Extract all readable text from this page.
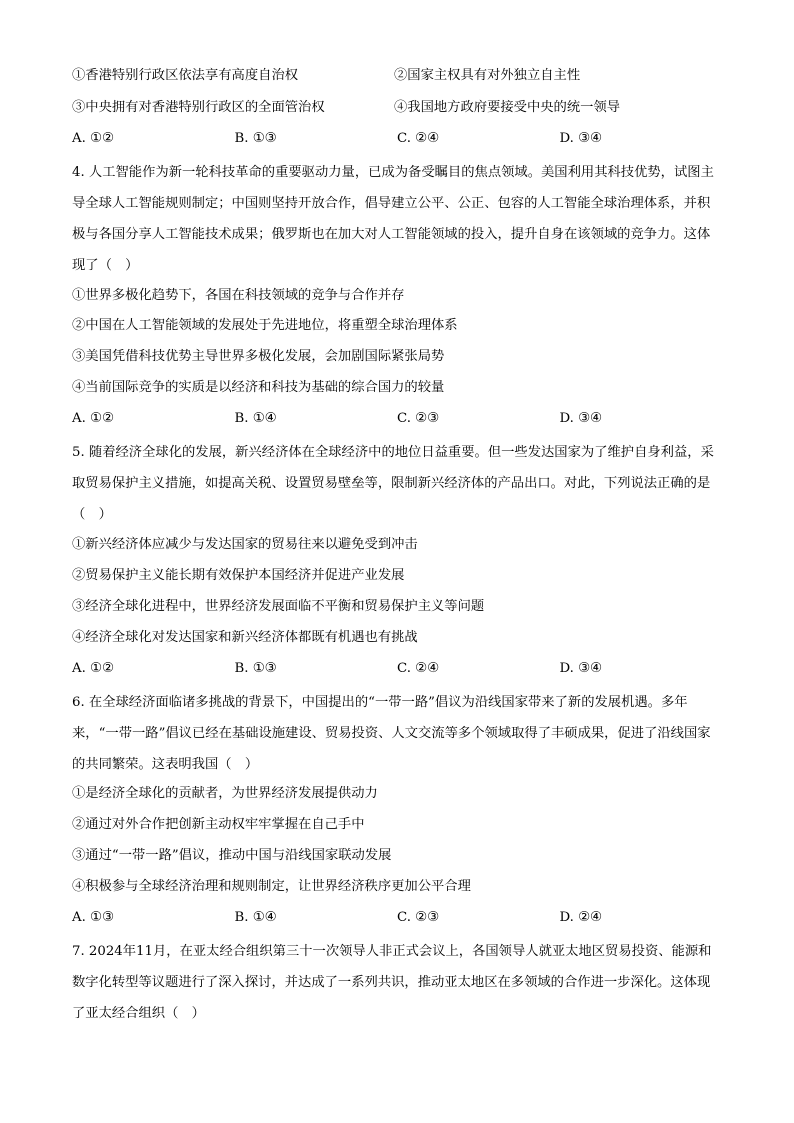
①香港特别行政区依法享有高度自治权	②国家主权具有对外独立自主性
③中央拥有对香港特别行政区的全面管治权	④我国地方政府要接受中央的统一领导
A. ①②	B. ①③	C. ②④	D. ③④
4. 人工智能作为新一轮科技革命的重要驱动力量，已成为备受瞩目的焦点领域。美国利用其科技优势，试图主导全球人工智能规则制定；中国则坚持开放合作，倡导建立公平、公正、包容的人工智能全球治理体系，并积极与各国分享人工智能技术成果；俄罗斯也在加大对人工智能领域的投入，提升自身在该领域的竞争力。这体现了（　）
①世界多极化趋势下，各国在科技领域的竞争与合作并存
②中国在人工智能领域的发展处于先进地位，将重塑全球治理体系
③美国凭借科技优势主导世界多极化发展，会加剧国际紧张局势
④当前国际竞争的实质是以经济和科技为基础的综合国力的较量
A. ①②	B. ①④	C. ②③	D. ③④
5. 随着经济全球化的发展，新兴经济体在全球经济中的地位日益重要。但一些发达国家为了维护自身利益，采取贸易保护主义措施，如提高关税、设置贸易壁垒等，限制新兴经济体的产品出口。对此，下列说法正确的是（　）
①新兴经济体应减少与发达国家的贸易往来以避免受到冲击
②贸易保护主义能长期有效保护本国经济并促进产业发展
③经济全球化进程中，世界经济发展面临不平衡和贸易保护主义等问题
④经济全球化对发达国家和新兴经济体都既有机遇也有挑战
A. ①②	B. ①③	C. ②④	D. ③④
6. 在全球经济面临诸多挑战的背景下，中国提出的“一带一路”倡议为沿线国家带来了新的发展机遇。多年来，“一带一路”倡议已经在基础设施建设、贸易投资、人文交流等多个领域取得了丰硕成果，促进了沿线国家的共同繁荣。这表明我国（　）
①是经济全球化的贡献者，为世界经济发展提供动力
②通过对外合作把创新主动权牢牢掌握在自己手中
③通过“一带一路”倡议，推动中国与沿线国家联动发展
④积极参与全球经济治理和规则制定，让世界经济秩序更加公平合理
A. ①③	B. ①④	C. ②③	D. ②④
7. 2024年11月，在亚太经合组织第三十一次领导人非正式会议上，各国领导人就亚太地区贸易投资、能源和数字化转型等议题进行了深入探讨，并达成了一系列共识，推动亚太地区在多领域的合作进一步深化。这体现了亚太经合组织（　）
